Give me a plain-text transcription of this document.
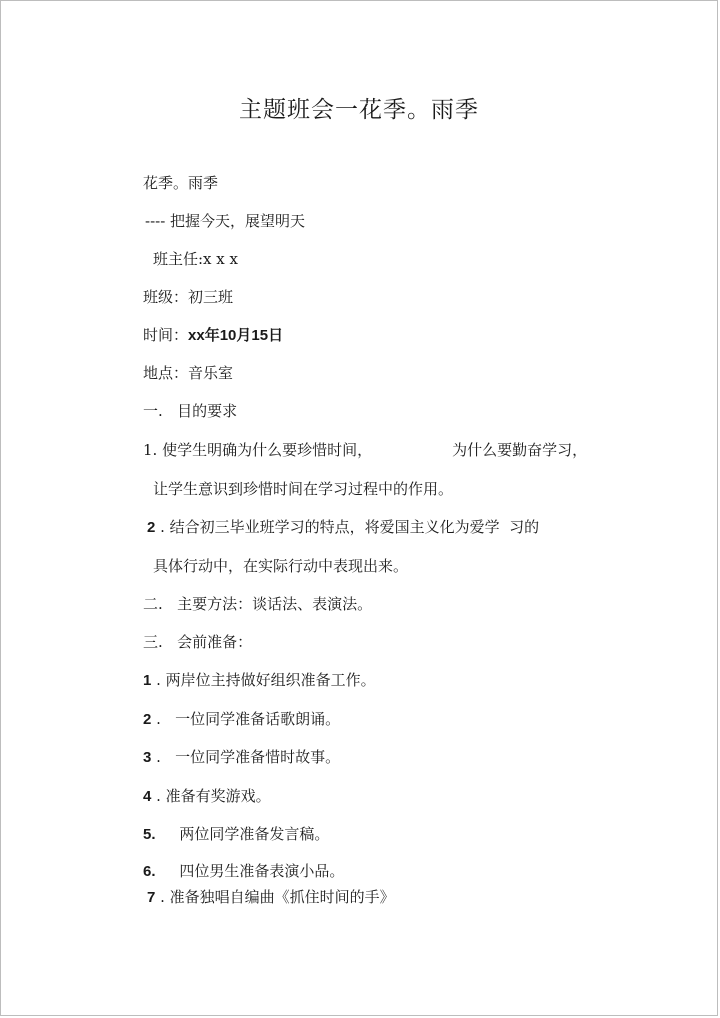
主题班会一花季。雨季
花季。雨季
---- 把握今天，展望明天
班主任:x x x
班级：初三班
时间：xx年10月15日
地点：音乐室
一.   目的要求
1. 使学生明确为什么要珍惜时间，	为什么要勤奋学习，
让学生意识到珍惜时间在学习过程中的作用。
2 . 结合初三毕业班学习的特点，将爱国主义化为爱学  习的
具体行动中，在实际行动中表现出来。
二.   主要方法：谈话法、表演法。
三.   会前准备：
1 . 两岸位主持做好组织准备工作。
2 .   一位同学准备话歌朗诵。
3 .   一位同学准备惜时故事。
4 . 准备有奖游戏。
5.     两位同学准备发言稿。
6.     四位男生准备表演小品。
7 . 准备独唱自编曲《抓住时间的手》
